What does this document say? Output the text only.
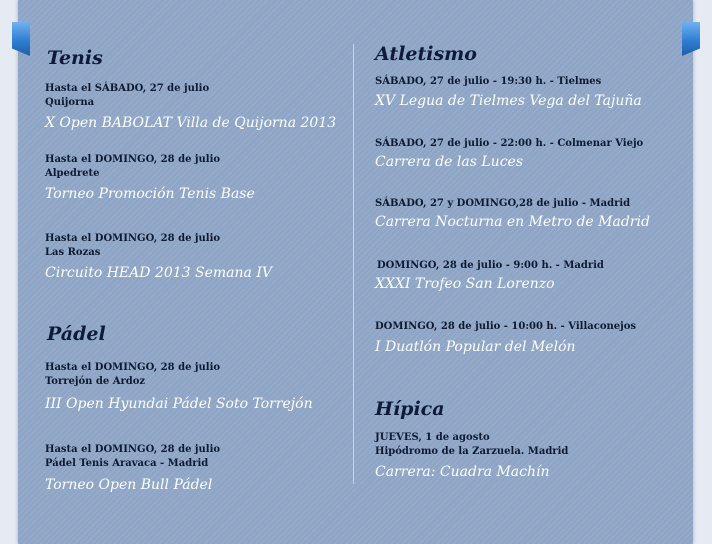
Tenis
Hasta el SÁBADO, 27 de julio
Quijorna
X Open BABOLAT Villa de Quijorna 2013
Hasta el DOMINGO, 28 de julio
Alpedrete
Torneo Promoción Tenis Base
Hasta el DOMINGO, 28 de julio
Las Rozas
Circuito HEAD 2013 Semana IV
Pádel
Hasta el DOMINGO, 28 de julio
Torrejón de Ardoz
III Open Hyundai Pádel Soto Torrejón
Hasta el DOMINGO, 28 de julio
Pádel Tenis Aravaca - Madrid
Torneo Open Bull Pádel
Atletismo
SÁBADO, 27 de julio - 19:30 h. - Tielmes
XV Legua de Tielmes Vega del Tajuña
SÁBADO, 27 de julio - 22:00 h. - Colmenar Viejo
Carrera de las Luces
SÁBADO, 27 y DOMINGO,28 de julio - Madrid
Carrera Nocturna en Metro de Madrid
DOMINGO, 28 de julio - 9:00 h. - Madrid
XXXI Trofeo San Lorenzo
DOMINGO, 28 de julio - 10:00 h. - Villaconejos
I Duatlón Popular del Melón
Hípica
JUEVES, 1 de agosto
Hipódromo de la Zarzuela. Madrid
Carrera: Cuadra Machín
